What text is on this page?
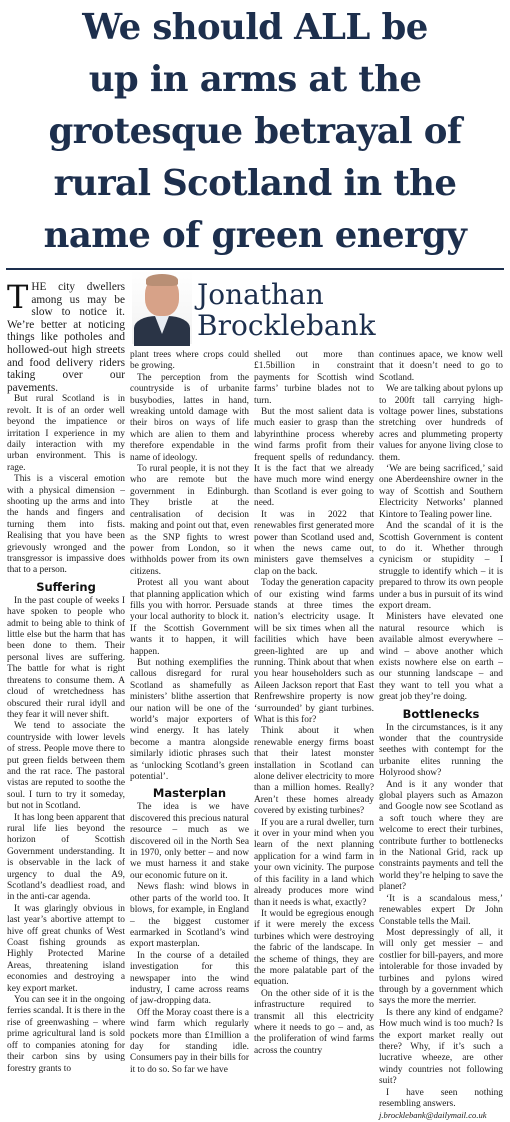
We should ALL be
up in arms at the
grotesque betrayal of
rural Scotland in the
name of green energy
Jonathan
Brocklebank

THE city dwellers among us may be slow to notice it. We’re better at noticing things like potholes and hollowed-out high streets and food delivery riders taking over our pavements.

But rural Scotland is in revolt. It is of an order well beyond the impatience or irritation I experience in my daily interaction with my urban environment. This is rage.

This is a visceral emotion with a physical dimension – shooting up the arms and into the hands and fingers and turning them into fists. Realising that you have been grievously wronged and the transgressor is impassive does that to a person.

Suffering

In the past couple of weeks I have spoken to people who admit to being able to think of little else but the harm that has been done to them. Their personal lives are suffering. The battle for what is right threatens to consume them. A cloud of wretchedness has obscured their rural idyll and they fear it will never shift.

We tend to associate the countryside with lower levels of stress. People move there to put green fields between them and the rat race. The pastoral vistas are reputed to soothe the soul. I turn to try it someday, but not in Scotland.

It has long been apparent that rural life lies beyond the horizon of Scottish Government understanding. It is observable in the lack of urgency to dual the A9, Scotland’s deadliest road, and in the anti-car agenda.

It was glaringly obvious in last year’s abortive attempt to hive off great chunks of West Coast fishing grounds as Highly Protected Marine Areas, threatening island economies and destroying a key export market.

You can see it in the ongoing ferries scandal. It is there in the rise of greenwashing – where prime agricultural land is sold off to companies atoning for their carbon sins by using forestry grants to

plant trees where crops could be growing.

The perception from the countryside is of urbanite busybodies, lattes in hand, wreaking untold damage with their biros on ways of life which are alien to them and therefore expendable in the name of ideology.

To rural people, it is not they who are remote but the government in Edinburgh. They bristle at the centralisation of decision making and point out that, even as the SNP fights to wrest power from London, so it withholds power from its own citizens.

Protest all you want about that planning application which fills you with horror. Persuade your local authority to block it. If the Scottish Government wants it to happen, it will happen.

But nothing exemplifies the callous disregard for rural Scotland as shamefully as ministers’ blithe assertion that our nation will be one of the world’s major exporters of wind energy. It has lately become a mantra alongside similarly idiotic phrases such as ‘unlocking Scotland’s green potential’.

Masterplan

The idea is we have discovered this precious natural resource – much as we discovered oil in the North Sea in 1970, only better – and now we must harness it and stake our economic future on it.

News flash: wind blows in other parts of the world too. It blows, for example, in England – the biggest customer earmarked in Scotland’s wind export masterplan.

In the course of a detailed investigation for this newspaper into the wind industry, I came across reams of jaw-dropping data.

Off the Moray coast there is a wind farm which regularly pockets more than £1million a day for standing idle. Consumers pay in their bills for it to do so. So far we have

shelled out more than £1.5billion in constraint payments for Scottish wind farms’ turbine blades not to turn.

But the most salient data is much easier to grasp than the labyrinthine process whereby wind farms profit from their frequent spells of redundancy. It is the fact that we already have much more wind energy than Scotland is ever going to need.

It was in 2022 that renewables first generated more power than Scotland used and, when the news came out, ministers gave themselves a clap on the back.

Today the generation capacity of our existing wind farms stands at three times the nation’s electricity usage. It will be six times when all the facilities which have been green-lighted are up and running. Think about that when you hear householders such as Aileen Jackson report that East Renfrewshire property is now ‘surrounded’ by giant turbines. What is this for?

Think about it when renewable energy firms boast that their latest monster installation in Scotland can alone deliver electricity to more than a million homes. Really? Aren’t these homes already covered by existing turbines?

If you are a rural dweller, turn it over in your mind when you learn of the next planning application for a wind farm in your own vicinity. The purpose of this facility in a land which already produces more wind than it needs is what, exactly?

It would be egregious enough if it were merely the excess turbines which were destroying the fabric of the landscape. In the scheme of things, they are the more palatable part of the equation.

On the other side of it is the infrastructure required to transmit all this electricity where it needs to go – and, as the proliferation of wind farms across the country

continues apace, we know well that it doesn’t need to go to Scotland.

We are talking about pylons up to 200ft tall carrying high-voltage power lines, substations stretching over hundreds of acres and plummeting property values for anyone living close to them.

‘We are being sacrificed,’ said one Aberdeenshire owner in the way of Scottish and Southern Electricity Networks’ planned Kintore to Tealing power line.

And the scandal of it is the Scottish Government is content to do it. Whether through cynicism or stupidity – I struggle to identify which – it is prepared to throw its own people under a bus in pursuit of its wind export dream.

Ministers have elevated one natural resource which is available almost everywhere – wind – above another which exists nowhere else on earth – our stunning landscape – and they want to tell you what a great job they’re doing.

Bottlenecks

In the circumstances, is it any wonder that the countryside seethes with contempt for the urbanite elites running the Holyrood show?

And is it any wonder that global players such as Amazon and Google now see Scotland as a soft touch where they are welcome to erect their turbines, contribute further to bottlenecks in the National Grid, rack up constraints payments and tell the world they’re helping to save the planet?

‘It is a scandalous mess,’ renewables expert Dr John Constable tells the Mail.

Most depressingly of all, it will only get messier – and costlier for bill-payers, and more intolerable for those invaded by turbines and pylons wired through by a government which says the more the merrier.

Is there any kind of endgame? How much wind is too much? Is the export market really out there? Why, if it’s such a lucrative wheeze, are other windy countries not following suit?

I have seen nothing resembling answers.

j.brocklebank@dailymail.co.uk
